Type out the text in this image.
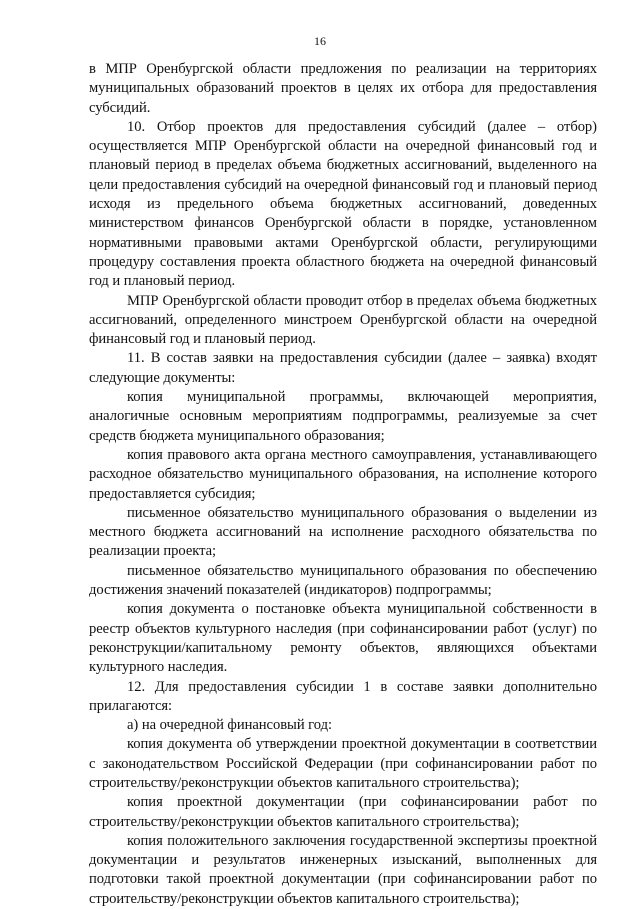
16

в МПР Оренбургской области предложения по реализации на территориях муниципальных образований проектов в целях их отбора для предоставления субсидий.

10. Отбор проектов для предоставления субсидий (далее – отбор) осуществляется МПР Оренбургской области на очередной финансовый год и плановый период в пределах объема бюджетных ассигнований, выделенного на цели предоставления субсидий на очередной финансовый год и плановый период исходя из предельного объема бюджетных ассигнований, доведенных министерством финансов Оренбургской области в порядке, установленном нормативными правовыми актами Оренбургской области, регулирующими процедуру составления проекта областного бюджета на очередной финансовый год и плановый период.

МПР Оренбургской области проводит отбор в пределах объема бюджетных ассигнований, определенного минстроем Оренбургской области на очередной финансовый год и плановый период.

11. В состав заявки на предоставления субсидии (далее – заявка) входят следующие документы:

копия муниципальной программы, включающей мероприятия, аналогичные основным мероприятиям подпрограммы, реализуемые за счет средств бюджета муниципального образования;

копия правового акта органа местного самоуправления, устанавливающего расходное обязательство муниципального образования, на исполнение которого предоставляется субсидия;

письменное обязательство муниципального образования о выделении из местного бюджета ассигнований на исполнение расходного обязательства по реализации проекта;

письменное обязательство муниципального образования по обеспечению достижения значений показателей (индикаторов) подпрограммы;

копия документа о постановке объекта муниципальной собственности в реестр объектов культурного наследия (при софинансировании работ (услуг) по реконструкции/капитальному ремонту объектов, являющихся объектами культурного наследия.

12. Для предоставления субсидии 1 в составе заявки дополнительно прилагаются:

а) на очередной финансовый год:

копия документа об утверждении проектной документации в соответствии с законодательством Российской Федерации (при софинансировании работ по строительству/реконструкции объектов капитального строительства);

копия проектной документации (при софинансировании работ по строительству/реконструкции объектов капитального строительства);

копия положительного заключения государственной экспертизы проектной документации и результатов инженерных изысканий, выполненных для подготовки такой проектной документации (при софинансировании работ по строительству/реконструкции объектов капитального строительства);
